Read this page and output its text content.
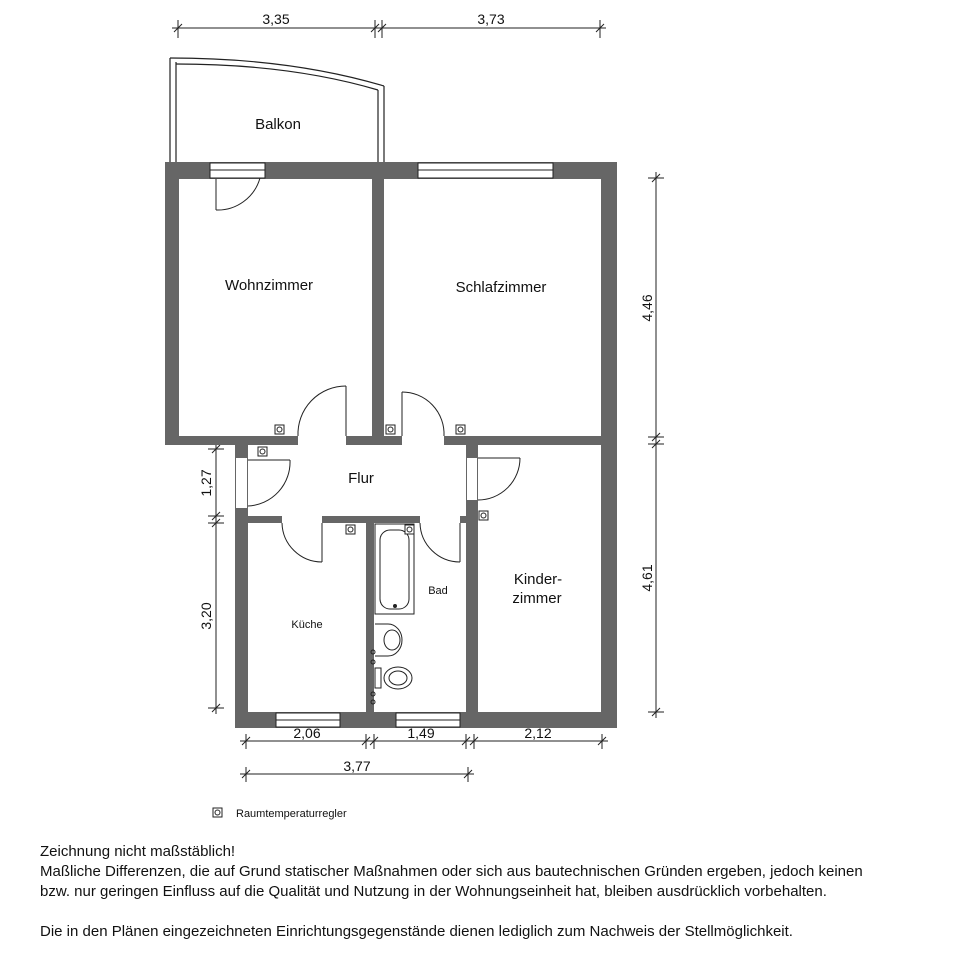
Balkon
Wohnzimmer	Schlafzimmer
Flur
Kinder-
zimmer
Küche
Bad
3,35	3,73
4,46
4,61
1,27
3,20
2,06	1,49	2,12
3,77
Raumtemperaturregler

Zeichnung nicht maßstäblich!

Maßliche Differenzen, die auf Grund statischer Maßnahmen oder sich aus bautechnischen Gründen ergeben, jedoch keinen

bzw. nur geringen Einfluss auf die Qualität und Nutzung in der Wohnungseinheit hat, bleiben ausdrücklich vorbehalten.

Die in den Plänen eingezeichneten Einrichtungsgegenstände dienen lediglich zum Nachweis der Stellmöglichkeit.
